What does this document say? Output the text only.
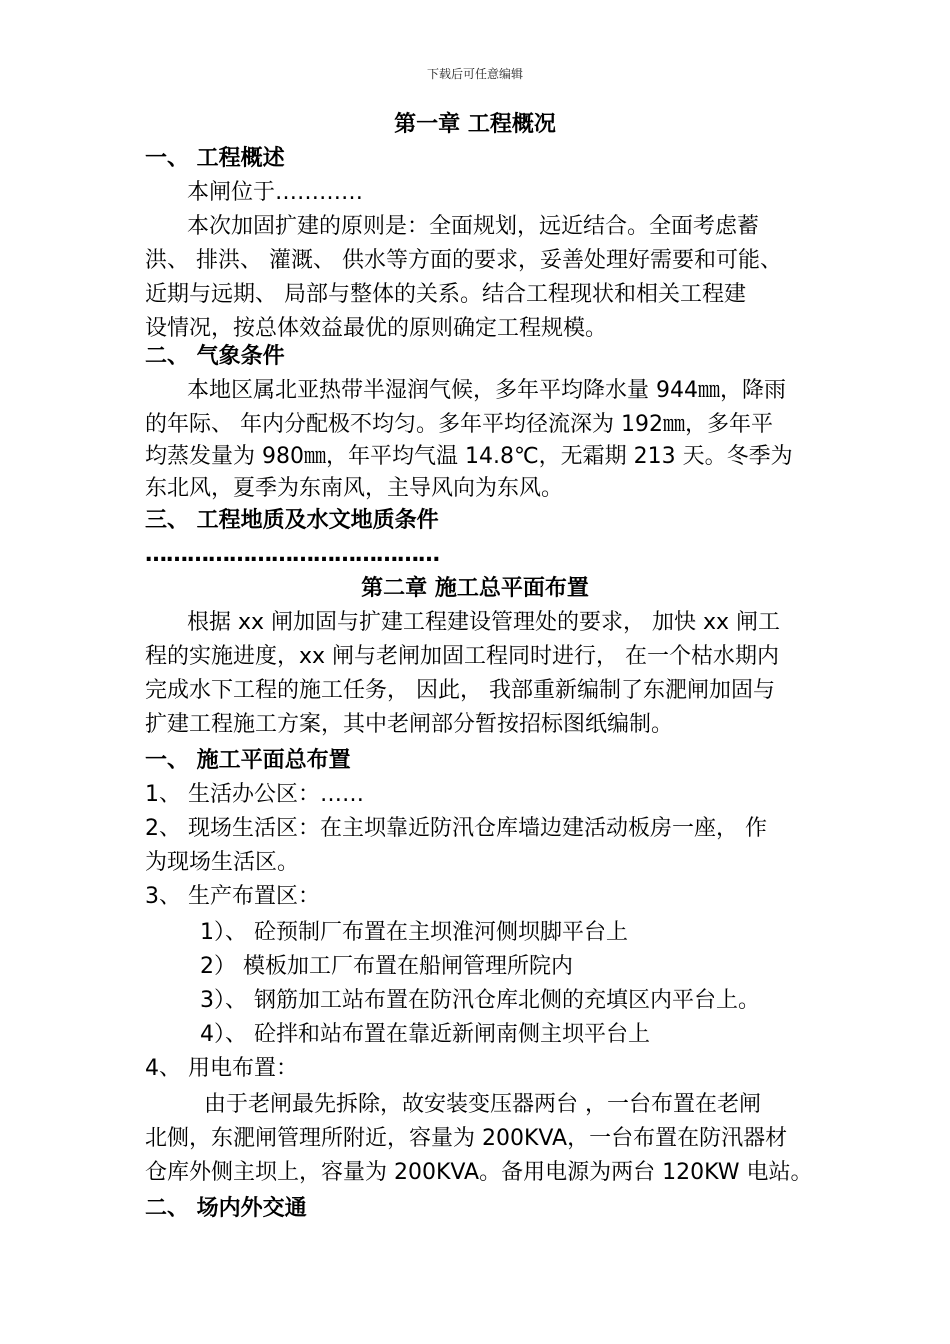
下载后可任意编辑
第一章 工程概况
一、 工程概述
本闸位于…………
本次加固扩建的原则是：全面规划，远近结合。全面考虑蓄
洪、 排洪、 灌溉、 供水等方面的要求，妥善处理好需要和可能、
近期与远期、 局部与整体的关系。结合工程现状和相关工程建
设情况，按总体效益最优的原则确定工程规模。
二、 气象条件
本地区属北亚热带半湿润气候，多年平均降水量 944㎜，降雨
的年际、 年内分配极不均匀。多年平均径流深为 192㎜，多年平
均蒸发量为 980㎜，年平均气温 14.8℃，无霜期 213 天。冬季为
东北风，夏季为东南风，主导风向为东风。
三、 工程地质及水文地质条件
……………………………………
第二章 施工总平面布置
根据 xx 闸加固与扩建工程建设管理处的要求， 加快 xx 闸工
程的实施进度，xx 闸与老闸加固工程同时进行， 在一个枯水期内
完成水下工程的施工任务， 因此， 我部重新编制了东淝闸加固与
扩建工程施工方案，其中老闸部分暂按招标图纸编制。
一、 施工平面总布置
1、 生活办公区：……
2、 现场生活区：在主坝靠近防汛仓库墙边建活动板房一座， 作
为现场生活区。
3、 生产布置区：
1）、 砼预制厂布置在主坝淮河侧坝脚平台上
2） 模板加工厂布置在船闸管理所院内
3）、 钢筋加工站布置在防汛仓库北侧的充填区内平台上。
4）、 砼拌和站布置在靠近新闸南侧主坝平台上
4、 用电布置：
由于老闸最先拆除，故安装变压器两台 ，一台布置在老闸
北侧，东淝闸管理所附近，容量为 200KVA，一台布置在防汛器材
仓库外侧主坝上，容量为 200KVA。备用电源为两台 120KW 电站。
二、 场内外交通
